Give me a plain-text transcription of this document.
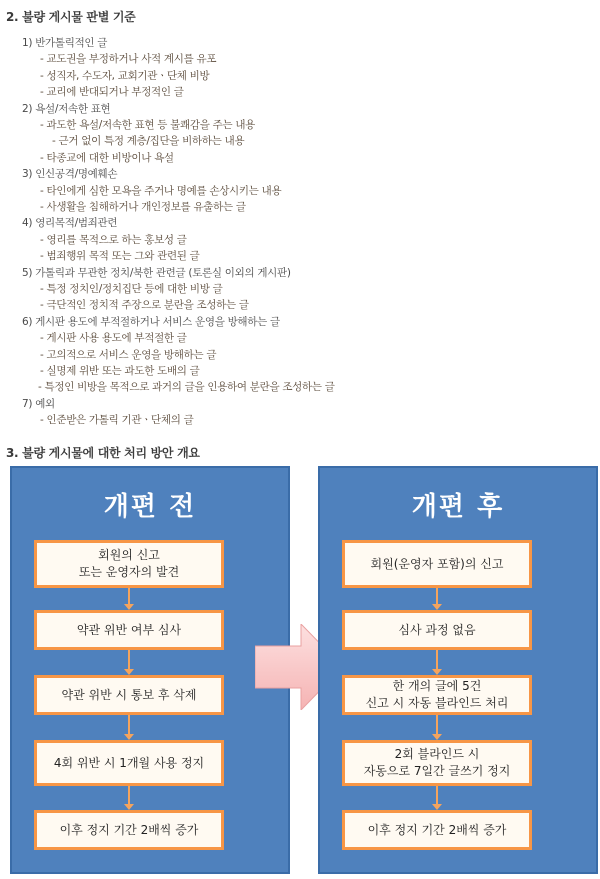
2. 불량 게시물 판별 기준
1) 반가톨릭적인 글
- 교도권을 부정하거나 사적 계시를 유포
- 성직자, 수도자, 교회기관ㆍ단체 비방
- 교리에 반대되거나 부정적인 글
2) 욕설/저속한 표현
- 과도한 욕설/저속한 표현 등 불쾌감을 주는 내용
- 근거 없이 특정 계층/집단을 비하하는 내용
- 타종교에 대한 비방이나 욕설
3) 인신공격/명예훼손
- 타인에게 심한 모욕을 주거나 명예를 손상시키는 내용
- 사생활을 침해하거나 개인정보를 유출하는 글
4) 영리목적/범죄관련
- 영리를 목적으로 하는 홍보성 글
- 범죄행위 목적 또는 그와 관련된 글
5) 가톨릭과 무관한 정치/북한 관련글 (토론실 이외의 게시판)
- 특정 정치인/정치집단 등에 대한 비방 글
- 극단적인 정치적 주장으로 분란을 조성하는 글
6) 게시판 용도에 부적절하거나 서비스 운영을 방해하는 글
- 게시판 사용 용도에 부적절한 글
- 고의적으로 서비스 운영을 방해하는 글
- 실명제 위반 또는 과도한 도배의 글
- 특정인 비방을 목적으로 과거의 글을 인용하여 분란을 조성하는 글
7) 예외
- 인준받은 가톨릭 기관ㆍ단체의 글
3. 불량 게시물에 대한 처리 방안 개요
개편 전
회원의 신고
또는 운영자의 발견
약관 위반 여부 심사
약관 위반 시 통보 후 삭제
4회 위반 시 1개월 사용 정지
이후 정지 기간 2배씩 증가
개편 후
회원(운영자 포함)의 신고
심사 과정 없음
한 개의 글에 5건
신고 시 자동 블라인드 처리
2회 블라인드 시
자동으로 7일간 글쓰기 정지
이후 정지 기간 2배씩 증가
